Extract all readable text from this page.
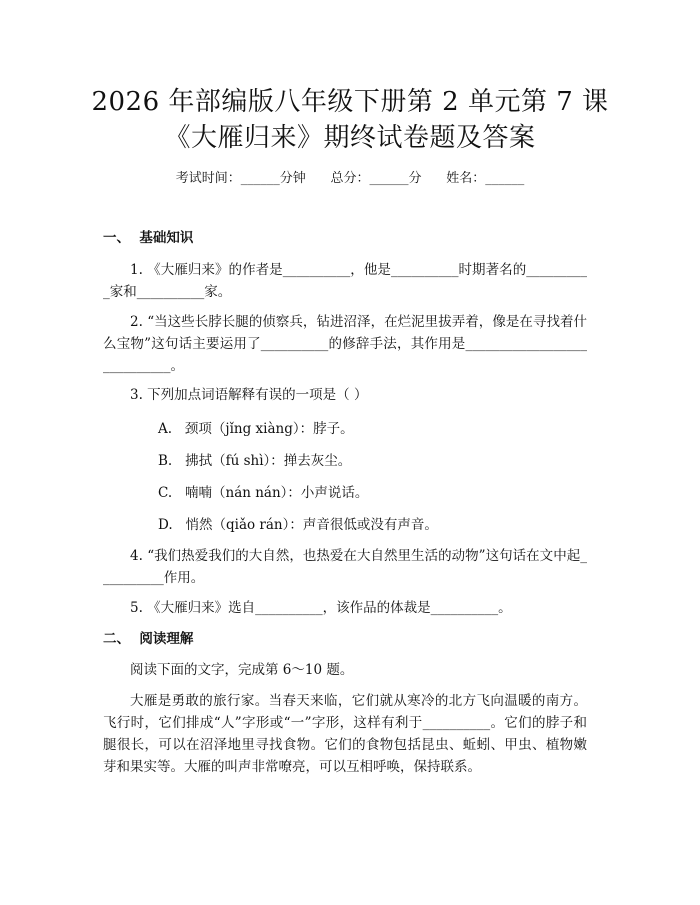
2026 年部编版八年级下册第 2 单元第 7 课
《大雁归来》期终试卷题及答案
考试时间：______分钟      总分：______分      姓名：______
一、  基础知识

1. 《大雁归来》的作者是__________，他是__________时期著名的__________家和__________家。

2. “当这些长脖长腿的侦察兵，钻进沼泽，在烂泥里拔弄着，像是在寻找着什么宝物”这句话主要运用了__________的修辞手法，其作用是____________________________。

3. 下列加点词语解释有误的一项是（ ）

A.   颈项（jǐng xiàng）：脖子。
B.   拂拭（fú shì）：掸去灰尘。
C.   喃喃（nán nán）：小声说话。
D.   悄然（qiǎo rán）：声音很低或没有声音。

4. “我们热爱我们的大自然，也热爱在大自然里生活的动物”这句话在文中起__________作用。

5. 《大雁归来》选自__________，该作品的体裁是__________。

二、  阅读理解

阅读下面的文字，完成第 6～10 题。

大雁是勇敢的旅行家。当春天来临，它们就从寒冷的北方飞向温暖的南方。飞行时，它们排成“人”字形或“一”字形，这样有利于__________。它们的脖子和腿很长，可以在沼泽地里寻找食物。它们的食物包括昆虫、蚯蚓、甲虫、植物嫩芽和果实等。大雁的叫声非常嘹亮，可以互相呼唤，保持联系。
